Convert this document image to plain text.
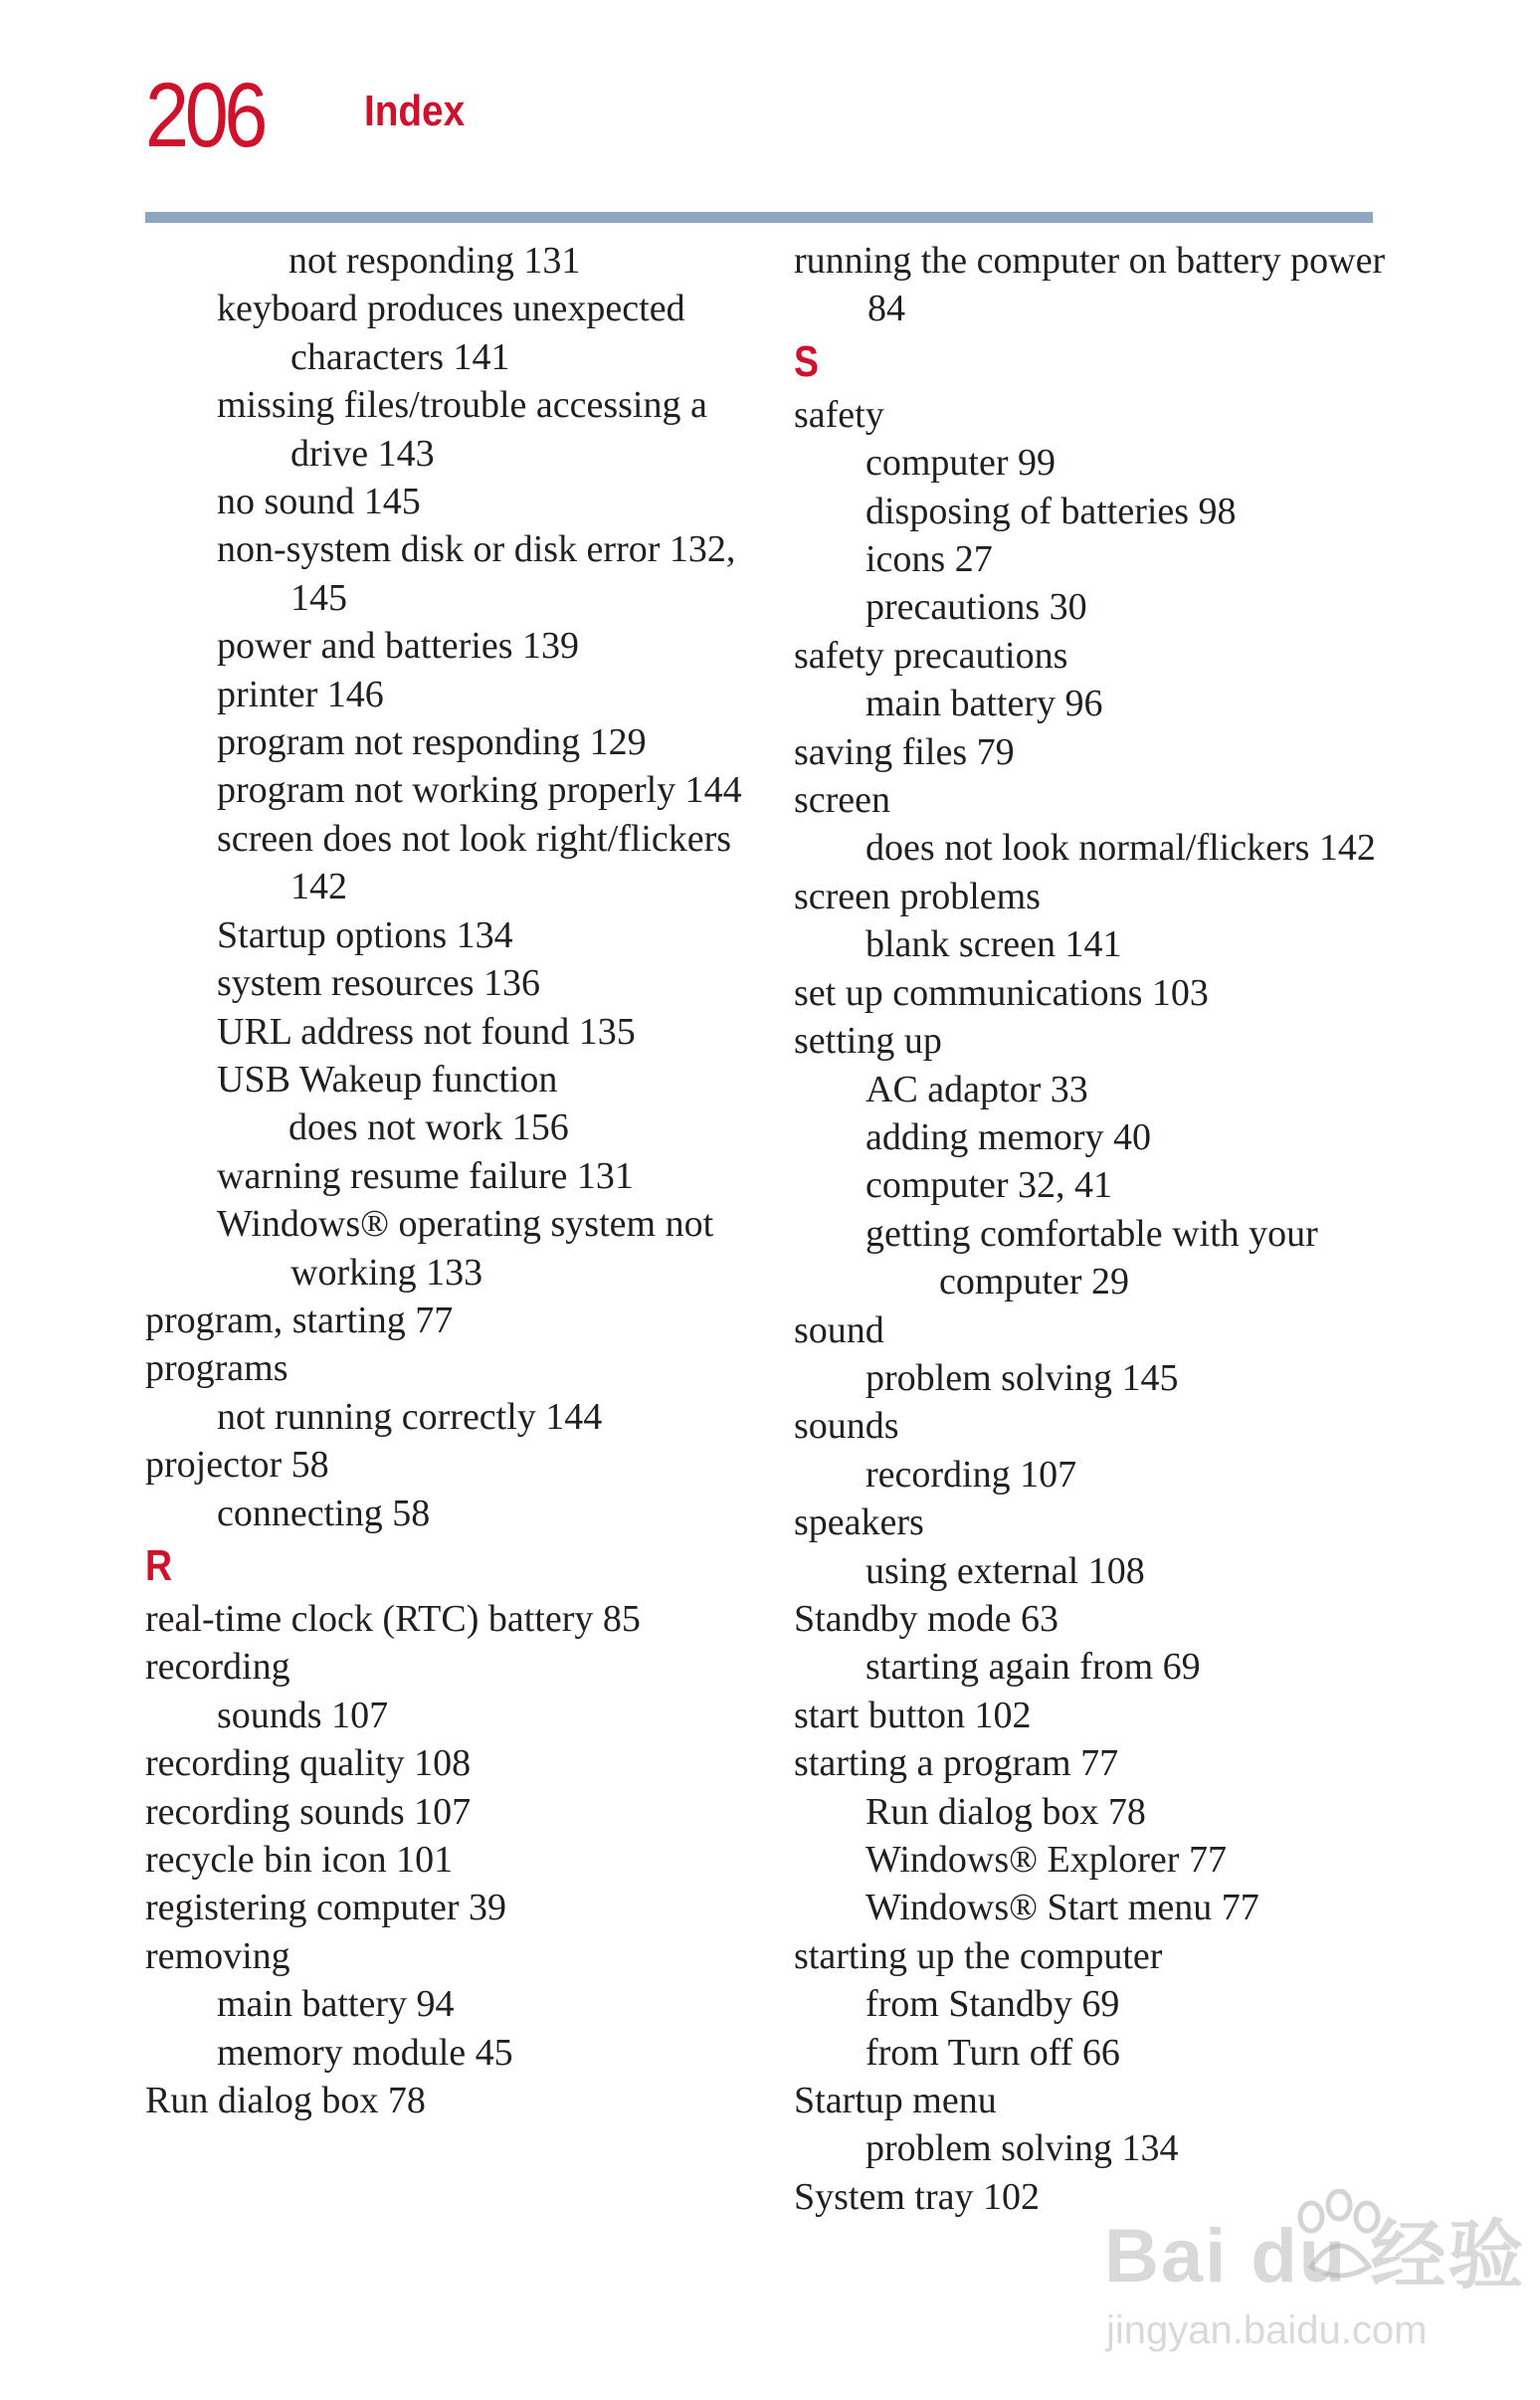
206 Index
not responding 131
keyboard produces unexpected characters 141
missing files/trouble accessing a drive 143
no sound 145
non-system disk or disk error 132, 145
power and batteries 139
printer 146
program not responding 129
program not working properly 144
screen does not look right/flickers 142
Startup options 134
system resources 136
URL address not found 135
USB Wakeup function
does not work 156
warning resume failure 131
Windows® operating system not working 133
program, starting 77
programs
not running correctly 144
projector 58
connecting 58
R
real-time clock (RTC) battery 85
recording
sounds 107
recording quality 108
recording sounds 107
recycle bin icon 101
registering computer 39
removing
main battery 94
memory module 45
Run dialog box 78
running the computer on battery power 84
S
safety
computer 99
disposing of batteries 98
icons 27
precautions 30
safety precautions
main battery 96
saving files 79
screen
does not look normal/flickers 142
screen problems
blank screen 141
set up communications 103
setting up
AC adaptor 33
adding memory 40
computer 32, 41
getting comfortable with your computer 29
sound
problem solving 145
sounds
recording 107
speakers
using external 108
Standby mode 63
starting again from 69
start button 102
starting a program 77
Run dialog box 78
Windows® Explorer 77
Windows® Start menu 77
starting up the computer
from Standby 69
from Turn off 66
Startup menu
problem solving 134
System tray 102
Bai du 经验
jingyan.baidu.com
